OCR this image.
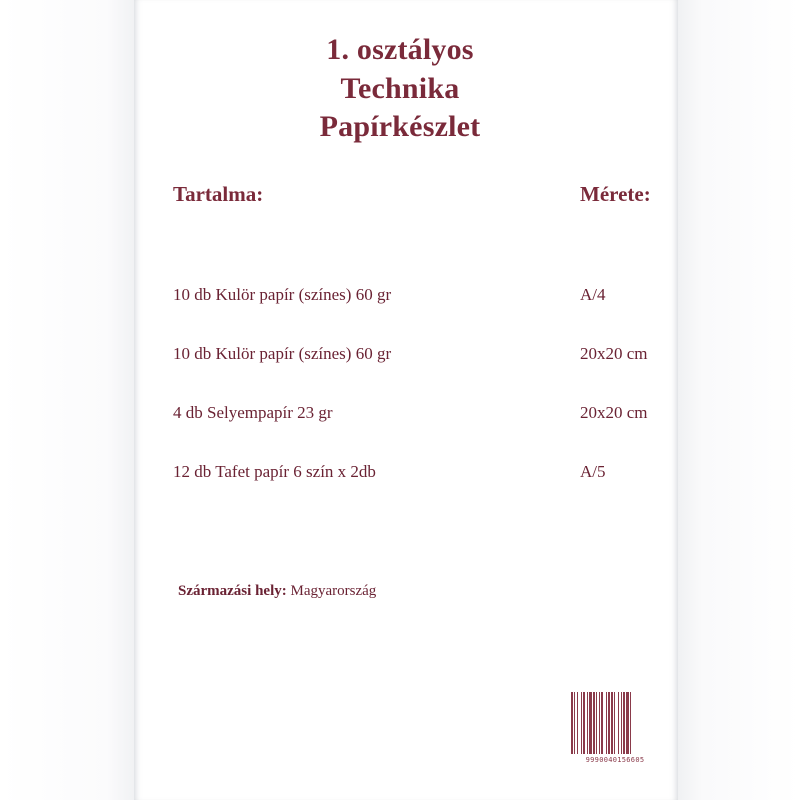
1. osztályos
Technika
Papírkészlet
Tartalma:	Mérete:
10 db Kulör papír (színes) 60 gr	A/4
10 db Kulör papír (színes) 60 gr	20x20 cm
4 db Selyempapír 23 gr	20x20 cm
12 db Tafet papír 6 szín x 2db	A/5
Származási hely: Magyarország
9990040156605
